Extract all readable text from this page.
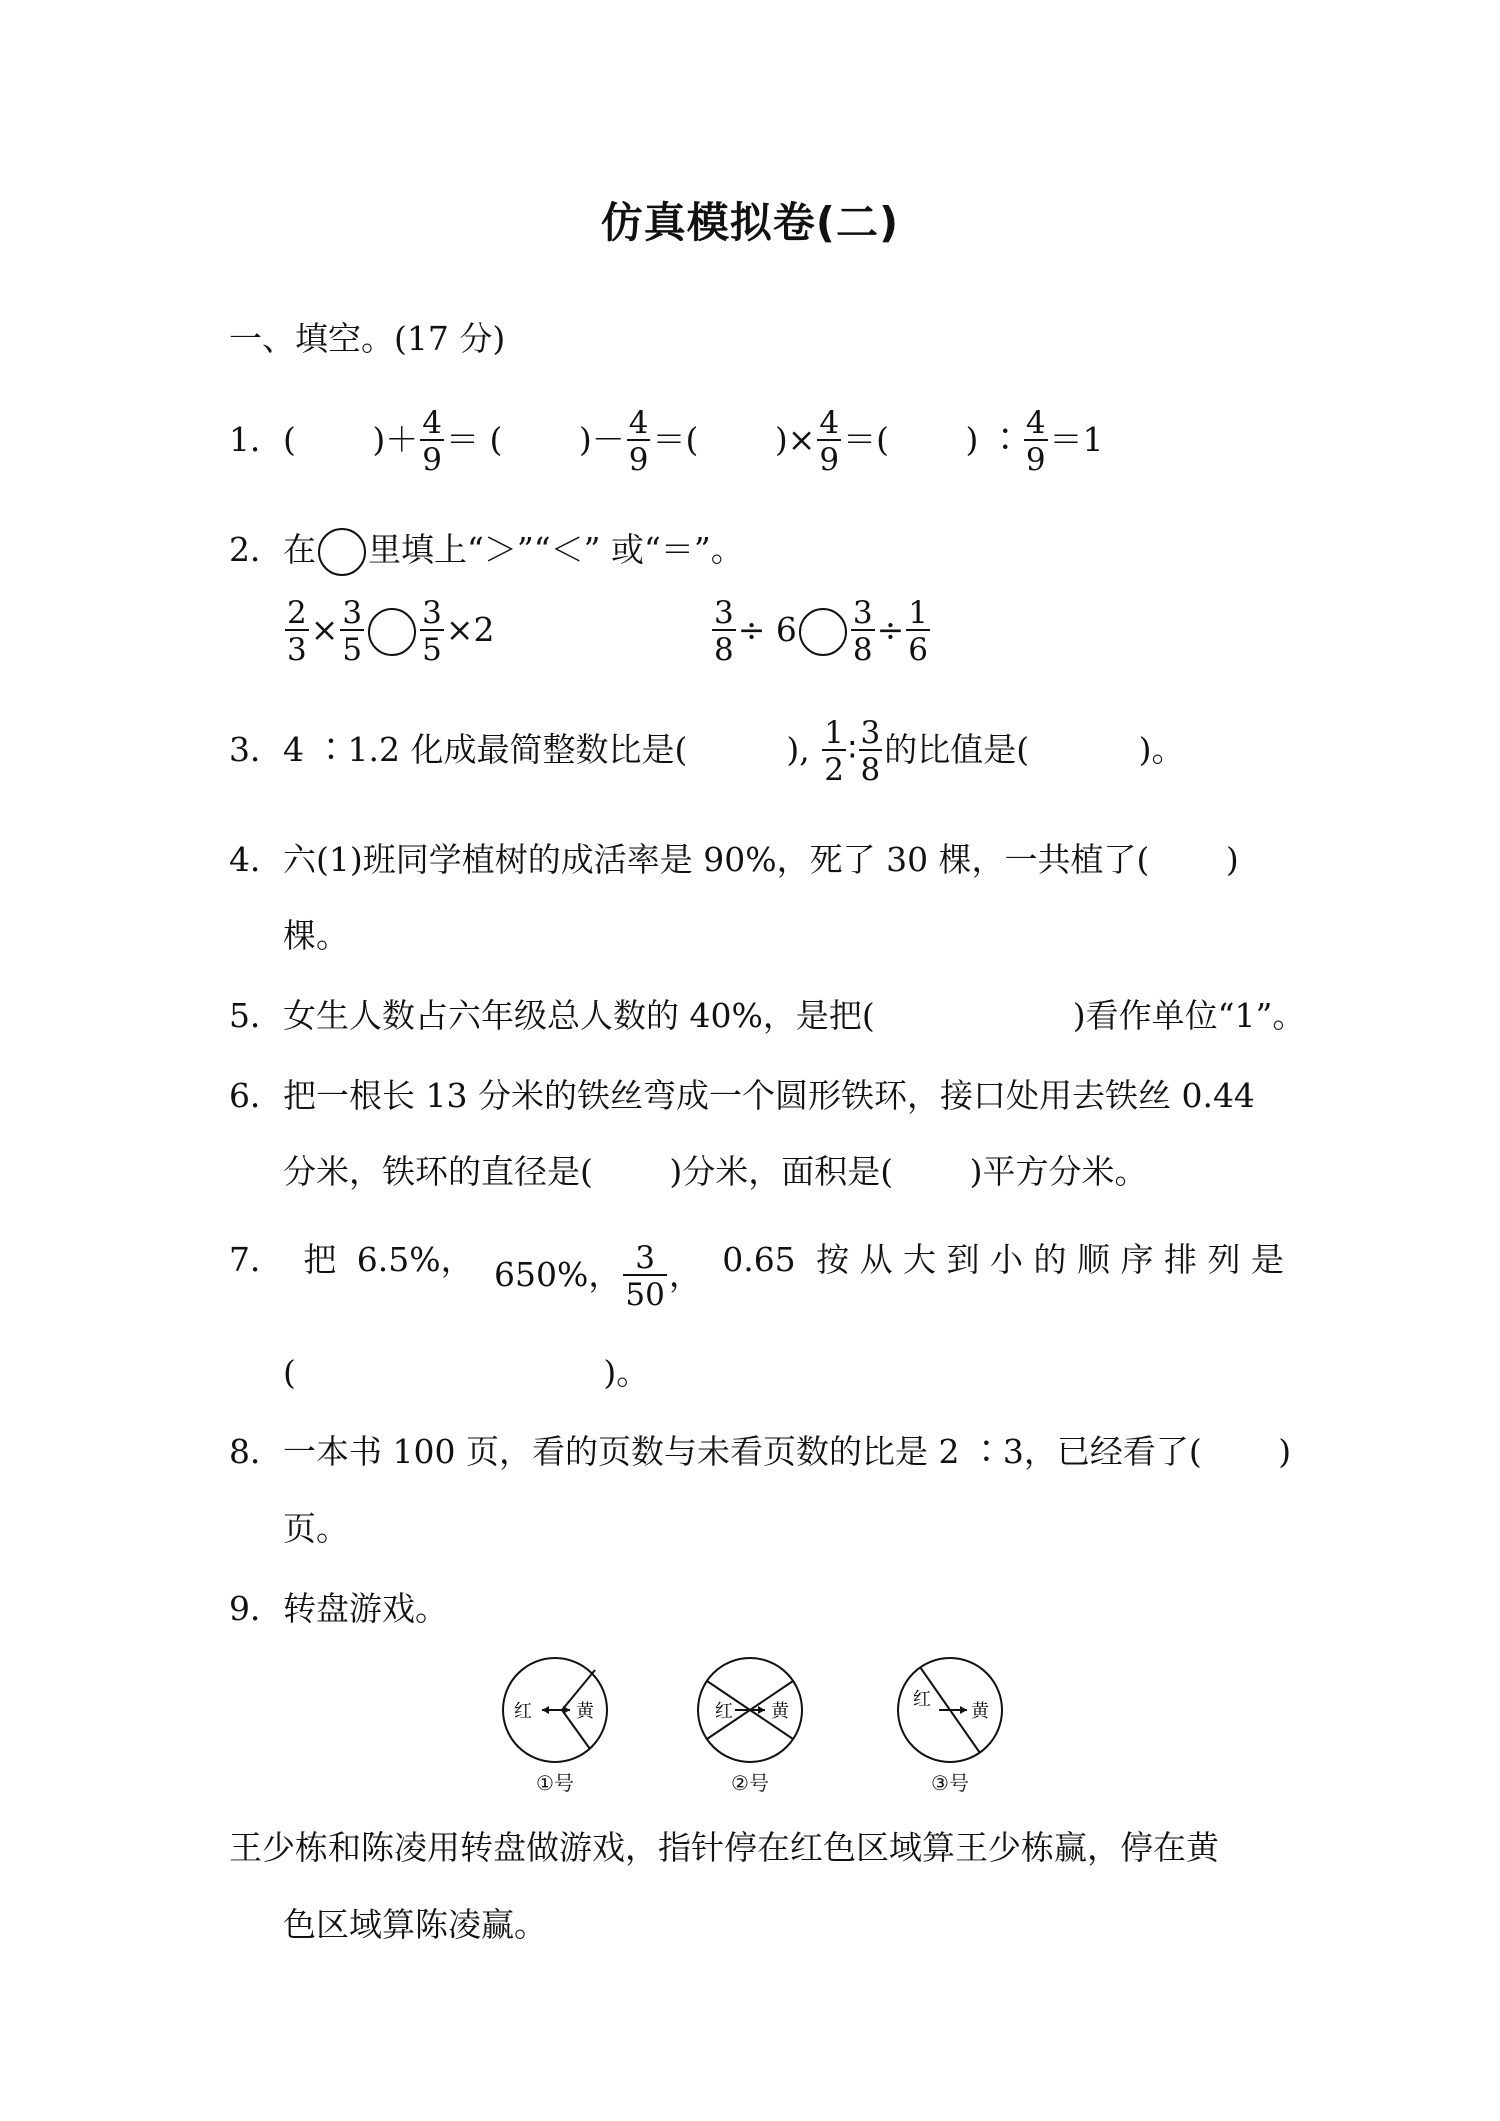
仿真模拟卷(二)
一、填空。(17 分)
1．(　　 )＋ $\frac{4}{9}$ ＝ (　　 )－ $\frac{4}{9}$ ＝(　　 )× $\frac{4}{9}$ ＝(　　 ) ∶ $\frac{4}{9} =1$
2．在 里填上“＞”“＜” 或“＝”。
$\frac{2}{3} \times \frac{3}{5} \frac{3}{5} \times 2$	$\frac{3}{8} \div 6 \frac{3}{8} \div \frac{1}{6}$
3．4 ∶1.2 化成最简整数比是(　　　), $\frac{1}{2}$ ∶ $\frac{3}{8}$ 的比值是(　　　 )。
4．六(1)班同学植树的成活率是 90%，死了 30 棵，一共植了(　　 )
棵。
5．女生人数占六年级总人数的 40%，是把(　　　　　　)看作单位“1”。
6．把一根长 13 分米的铁丝弯成一个圆形铁环，接口处用去铁丝 0.44
分米，铁环的直径是(　　 )分米，面积是(　　 )平方分米。
7． 把 6.5%， 650%， $\frac{3}{50}$ ， 0.65 按 从 大 到 小 的 顺 序 排 列 是
(　　　　　　　　　 )。
8．一本书 100 页，看的页数与未看页数的比是 2 ∶3，已经看了(　　 )
页。
9．转盘游戏。
红 黄
①号
红 黄
②号
红
黄
③号
王少栋和陈凌用转盘做游戏，指针停在红色区域算王少栋赢，停在黄
色区域算陈凌赢。
